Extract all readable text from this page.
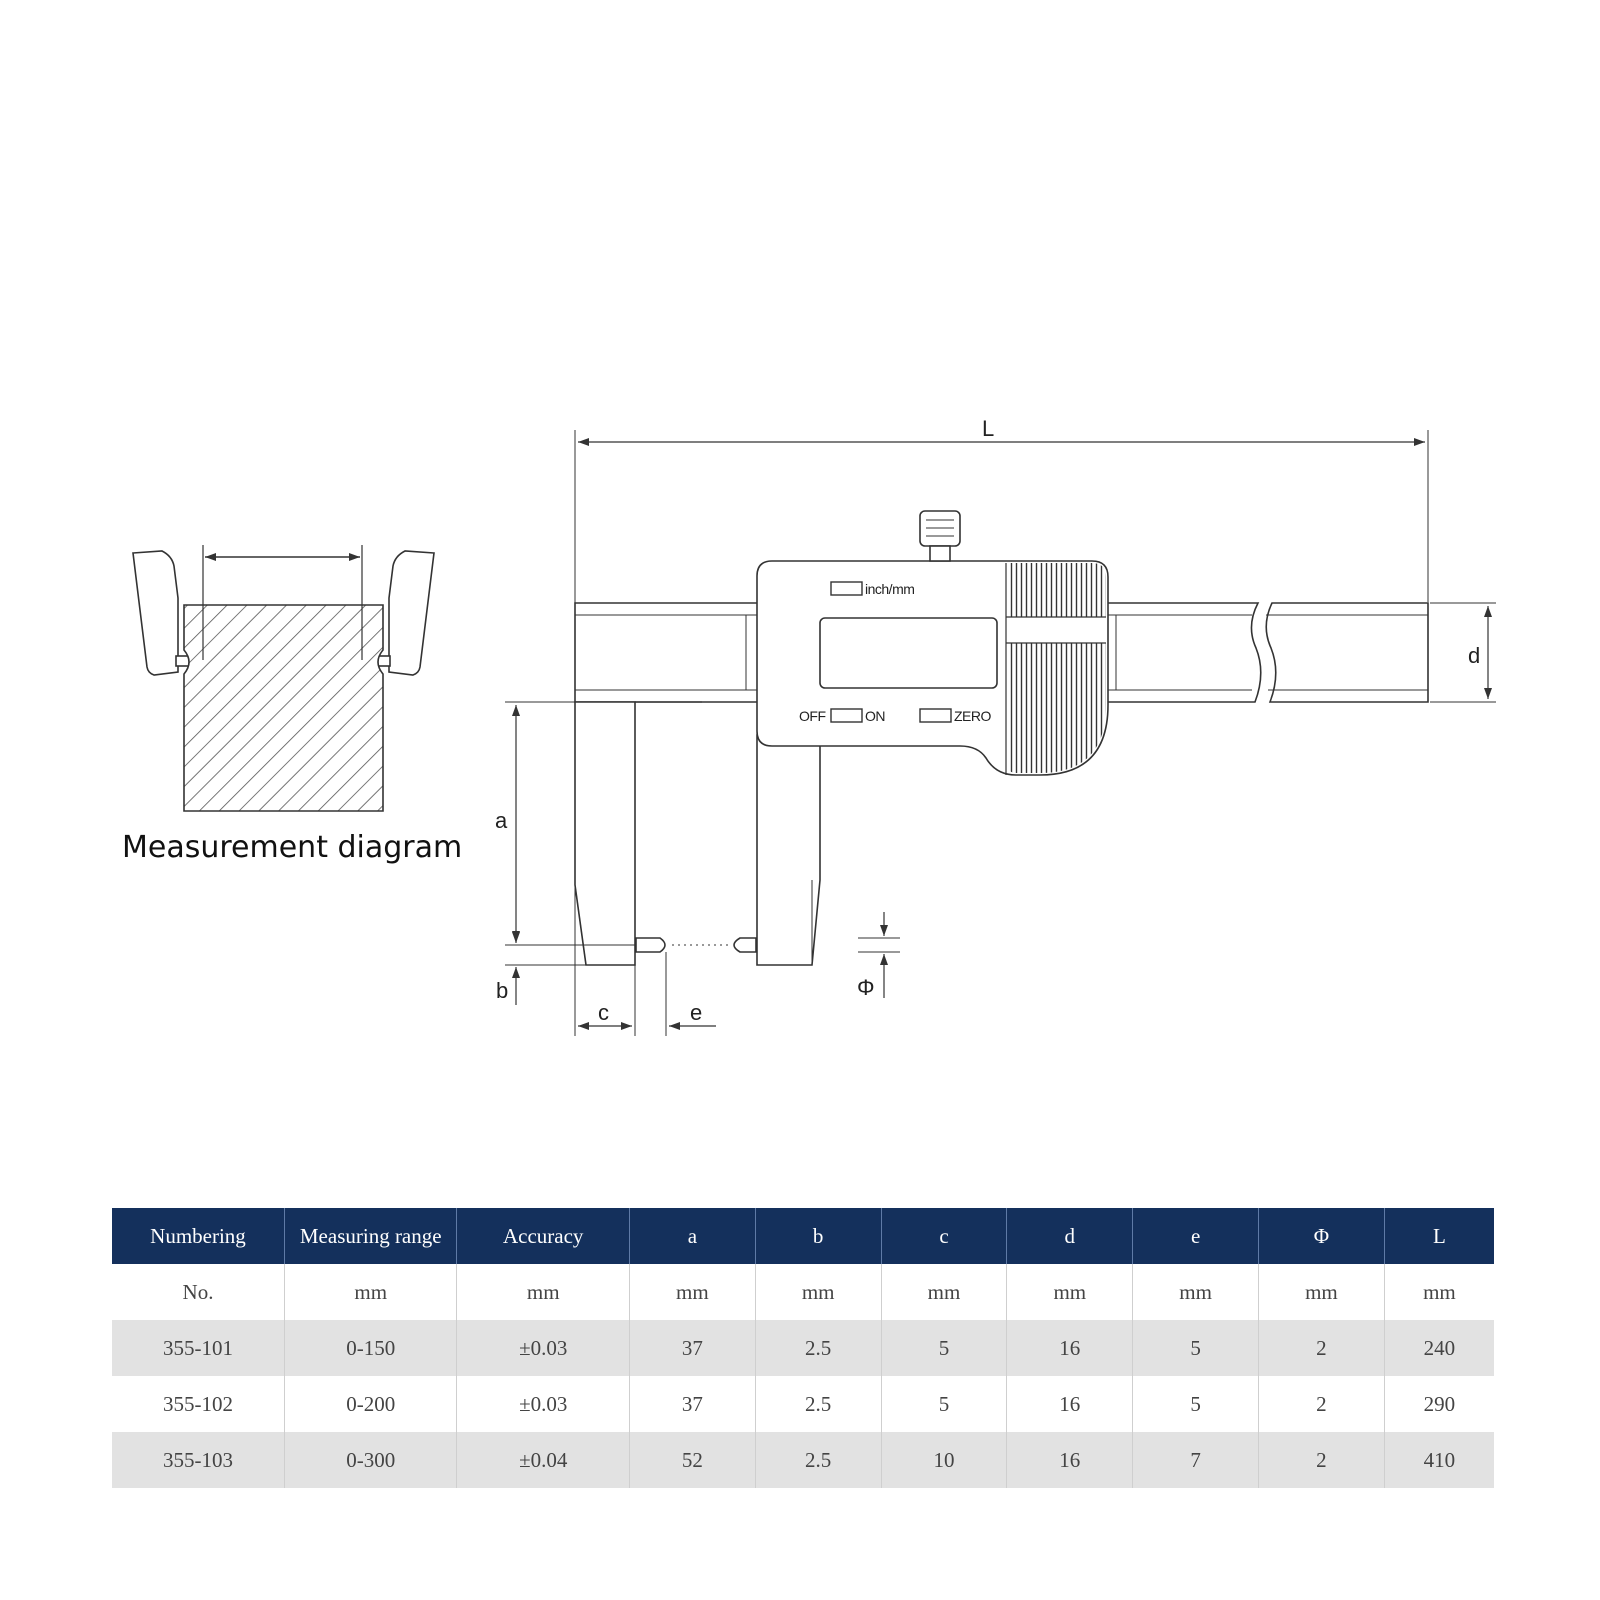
Measurement diagram
inch/mm
OFF	ON	ZERO
L
d
a
b
c	e
Φ
Numbering	Measuring range	Accuracy	a	b	c	d	e	Φ	L
No.	mm	mm	mm	mm	mm	mm	mm	mm	mm
355-101	0-150	±0.03	37	2.5	5	16	5	2	240
355-102	0-200	±0.03	37	2.5	5	16	5	2	290
355-103	0-300	±0.04	52	2.5	10	16	7	2	410
